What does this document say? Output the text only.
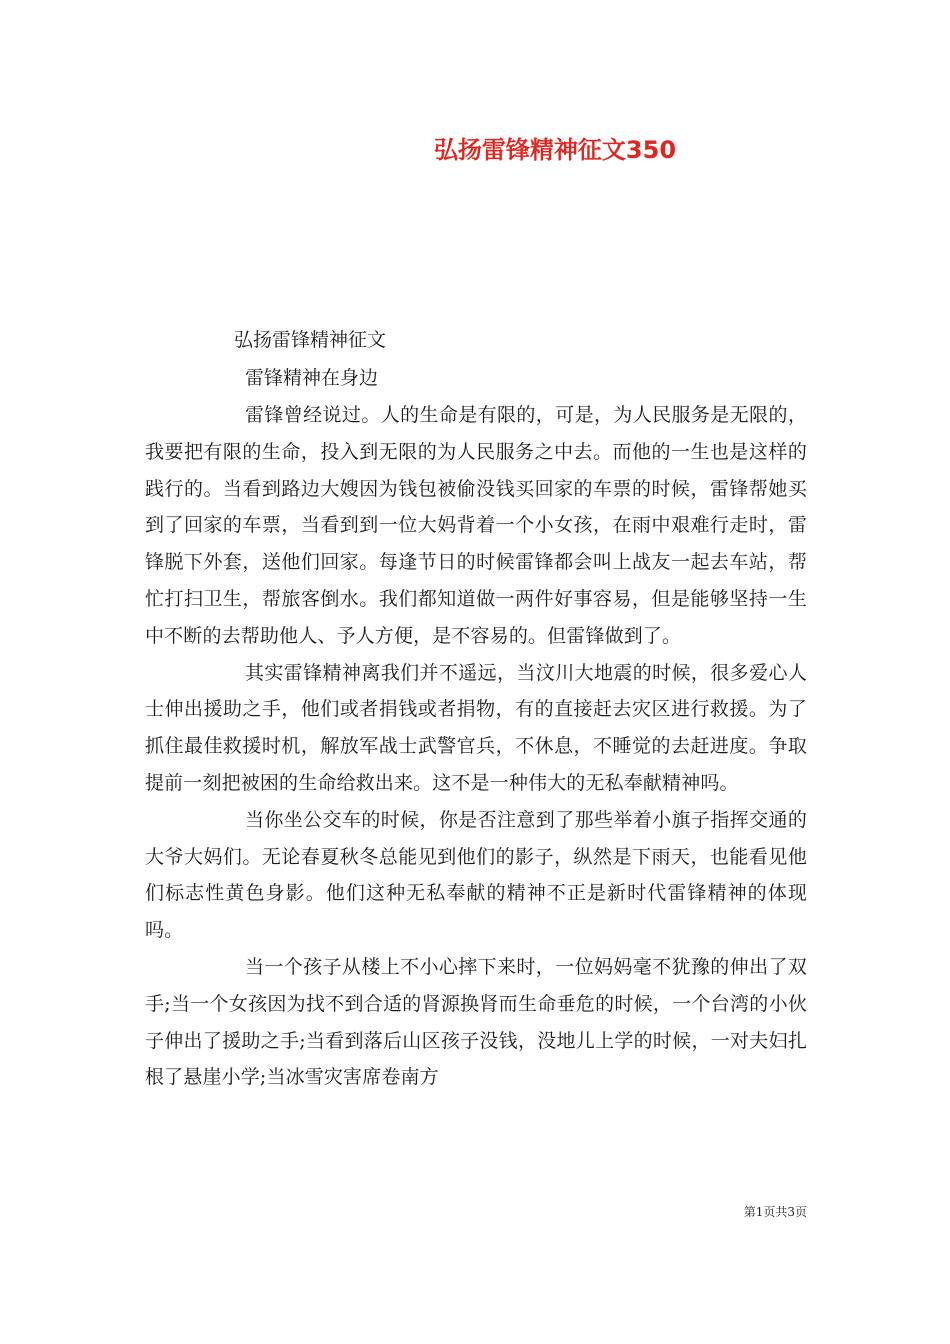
弘扬雷锋精神征文350
弘扬雷锋精神征文
雷锋精神在身边

雷锋曾经说过。人的生命是有限的，可是，为人民服务是无限的，我要把有限的生命，投入到无限的为人民服务之中去。而他的一生也是这样的践行的。当看到路边大嫂因为钱包被偷没钱买回家的车票的时候，雷锋帮她买到了回家的车票，当看到到一位大妈背着一个小女孩，在雨中艰难行走时，雷锋脱下外套，送他们回家。每逢节日的时候雷锋都会叫上战友一起去车站，帮忙打扫卫生，帮旅客倒水。我们都知道做一两件好事容易，但是能够坚持一生中不断的去帮助他人、予人方便，是不容易的。但雷锋做到了。

其实雷锋精神离我们并不遥远，当汶川大地震的时候，很多爱心人士伸出援助之手，他们或者捐钱或者捐物，有的直接赶去灾区进行救援。为了抓住最佳救援时机，解放军战士武警官兵，不休息，不睡觉的去赶进度。争取提前一刻把被困的生命给救出来。这不是一种伟大的无私奉献精神吗。

当你坐公交车的时候，你是否注意到了那些举着小旗子指挥交通的大爷大妈们。无论春夏秋冬总能见到他们的影子，纵然是下雨天，也能看见他们标志性黄色身影。他们这种无私奉献的精神不正是新时代雷锋精神的体现吗。

当一个孩子从楼上不小心摔下来时，一位妈妈毫不犹豫的伸出了双手;当一个女孩因为找不到合适的肾源换肾而生命垂危的时候，一个台湾的小伙子伸出了援助之手;当看到落后山区孩子没钱，没地儿上学的时候，一对夫妇扎根了悬崖小学;当冰雪灾害席卷南方

第1页共3页
